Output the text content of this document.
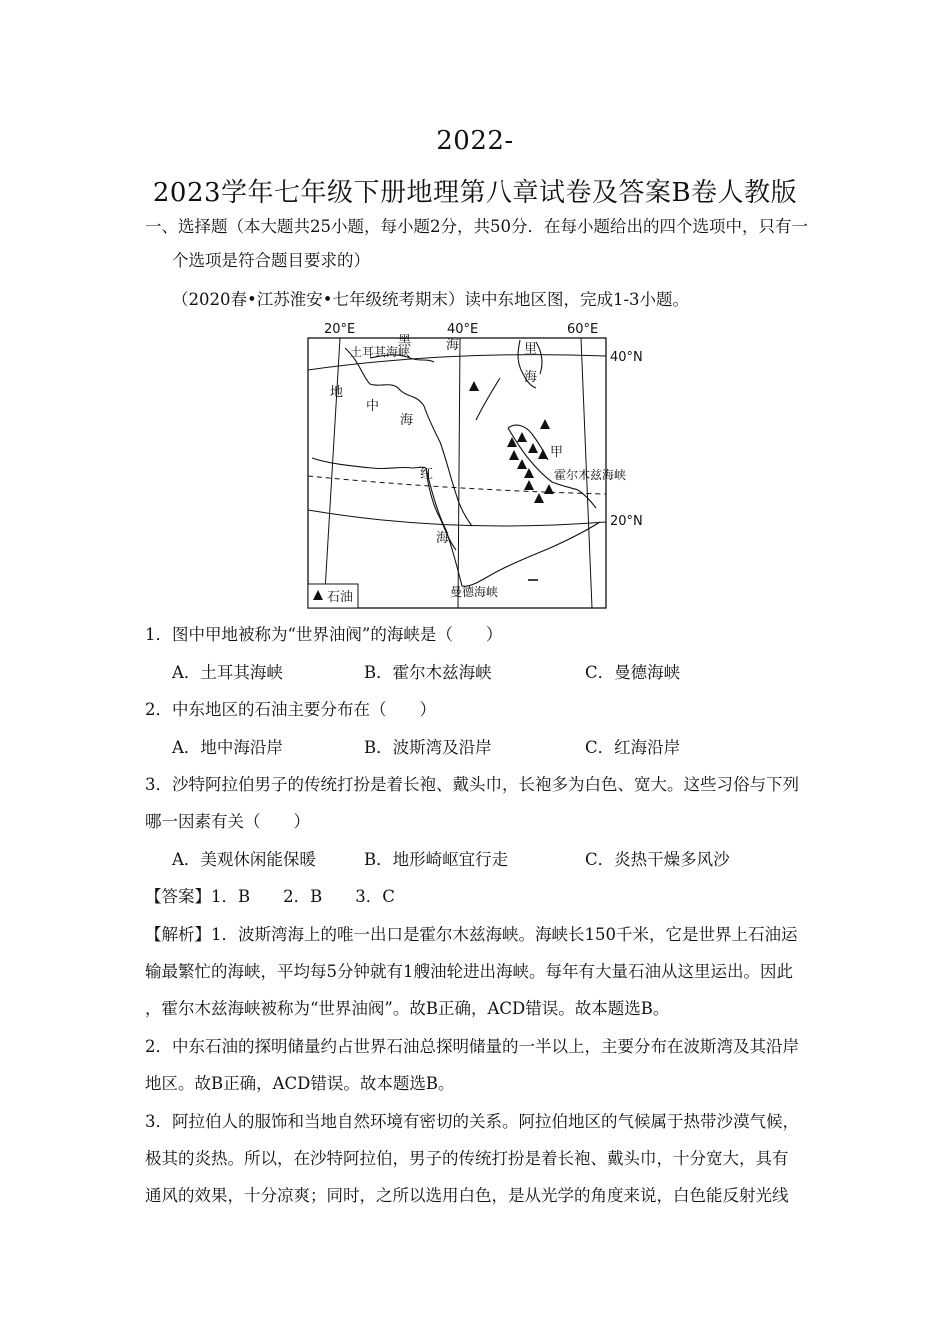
2022-
2023学年七年级下册地理第八章试卷及答案B卷人教版
一、选择题（本大题共25小题，每小题2分，共50分．在每小题给出的四个选项中，只有一
个选项是符合题目要求的）
（2020春•江苏淮安•七年级统考期末）读中东地区图，完成1-3小题。
20°E	40°E	60°E
40°N
20°N
土耳其海峡
黑	海	里
海
地
中
海
红
海
甲
霍尔木兹海峡
曼德海峡
石油
1．图中甲地被称为“世界油阀”的海峡是（　　）
A．土耳其海峡	B．霍尔木兹海峡	C．曼德海峡
2．中东地区的石油主要分布在（　　）
A．地中海沿岸	B．波斯湾及沿岸	C．红海沿岸
3．沙特阿拉伯男子的传统打扮是着长袍、戴头巾，长袍多为白色、宽大。这些习俗与下列
哪一因素有关（　　）
A．美观休闲能保暖	B．地形崎岖宜行走	C．炎热干燥多风沙
【答案】1．B　　2．B　　3．C
【解析】1．波斯湾海上的唯一出口是霍尔木兹海峡。海峡长150千米，它是世界上石油运
输最繁忙的海峡，平均每5分钟就有1艘油轮进出海峡。每年有大量石油从这里运出。因此
，霍尔木兹海峡被称为“世界油阀”。故B正确，ACD错误。故本题选B。
2．中东石油的探明储量约占世界石油总探明储量的一半以上，主要分布在波斯湾及其沿岸
地区。故B正确，ACD错误。故本题选B。
3．阿拉伯人的服饰和当地自然环境有密切的关系。阿拉伯地区的气候属于热带沙漠气候，
极其的炎热。所以，在沙特阿拉伯，男子的传统打扮是着长袍、戴头巾，十分宽大，具有
通风的效果，十分凉爽；同时，之所以选用白色，是从光学的角度来说，白色能反射光线
